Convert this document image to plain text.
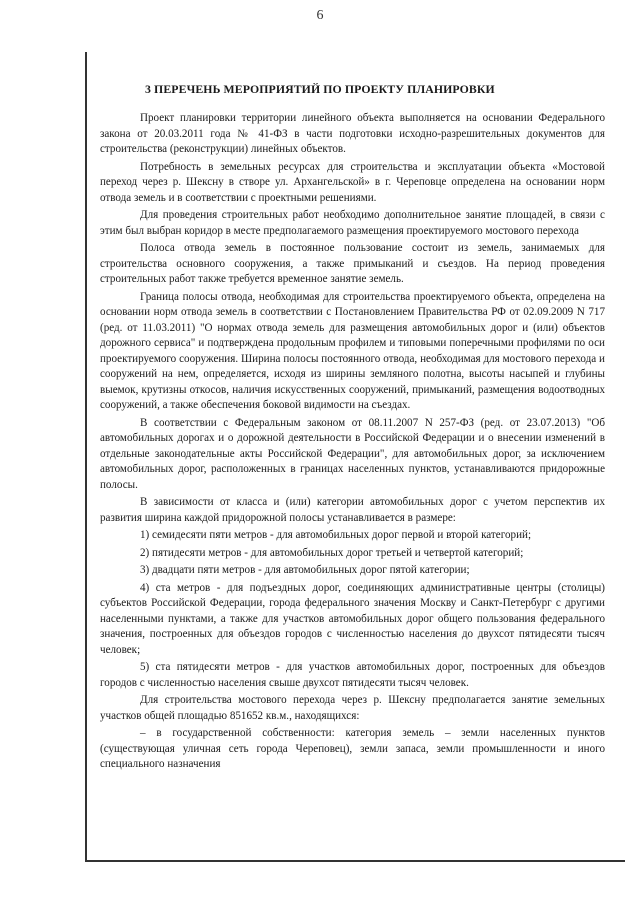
6
3 ПЕРЕЧЕНЬ МЕРОПРИЯТИЙ ПО ПРОЕКТУ ПЛАНИРОВКИ

Проект планировки территории линейного объекта выполняется на основании Федерального закона от 20.03.2011 года № 41-ФЗ в части подготовки исходно-разрешительных документов для строительства (реконструкции) линейных объектов.

Потребность в земельных ресурсах для строительства и эксплуатации объекта «Мостовой переход через р. Шексну в створе ул. Архангельской» в г. Череповце определена на основании норм отвода земель и в соответствии с проектными решениями.

Для проведения строительных работ необходимо дополнительное занятие площадей, в связи с этим был выбран коридор в месте предполагаемого размещения проектируемого мостового перехода

Полоса отвода земель в постоянное пользование состоит из земель, занимаемых для строительства основного сооружения, а также примыканий и съездов. На период проведения строительных работ также требуется временное занятие земель.

Граница полосы отвода, необходимая для строительства проектируемого объекта, определена на основании норм отвода земель в соответствии с Постановлением Правительства РФ от 02.09.2009 N 717 (ред. от 11.03.2011) "О нормах отвода земель для размещения автомобильных дорог и (или) объектов дорожного сервиса" и подтверждена продольным профилем и типовыми поперечными профилями по оси проектируемого сооружения. Ширина полосы постоянного отвода, необходимая для мостового перехода и сооружений на нем, определяется, исходя из ширины земляного полотна, высоты насыпей и глубины выемок, крутизны откосов, наличия искусственных сооружений, примыканий, размещения водоотводных сооружений, а также обеспечения боковой видимости на съездах.

В соответствии с Федеральным законом от 08.11.2007 N 257-ФЗ (ред. от 23.07.2013) "Об автомобильных дорогах и о дорожной деятельности в Российской Федерации и о внесении изменений в отдельные законодательные акты Российской Федерации", для автомобильных дорог, за исключением автомобильных дорог, расположенных в границах населенных пунктов, устанавливаются придорожные полосы.

В зависимости от класса и (или) категории автомобильных дорог с учетом перспектив их развития ширина каждой придорожной полосы устанавливается в размере:

1) семидесяти пяти метров - для автомобильных дорог первой и второй категорий;

2) пятидесяти метров - для автомобильных дорог третьей и четвертой категорий;

3) двадцати пяти метров - для автомобильных дорог пятой категории;

4) ста метров - для подъездных дорог, соединяющих административные центры (столицы) субъектов Российской Федерации, города федерального значения Москву и Санкт-Петербург с другими населенными пунктами, а также для участков автомобильных дорог общего пользования федерального значения, построенных для объездов городов с численностью населения до двухсот пятидесяти тысяч человек;

5) ста пятидесяти метров - для участков автомобильных дорог, построенных для объездов городов с численностью населения свыше двухсот пятидесяти тысяч человек.

Для строительства мостового перехода через р. Шексну предполагается занятие земельных участков общей площадью 851652 кв.м., находящихся:

– в государственной собственности: категория земель – земли населенных пунктов (существующая уличная сеть города Череповец), земли запаса, земли промышленности и иного специального назначения
